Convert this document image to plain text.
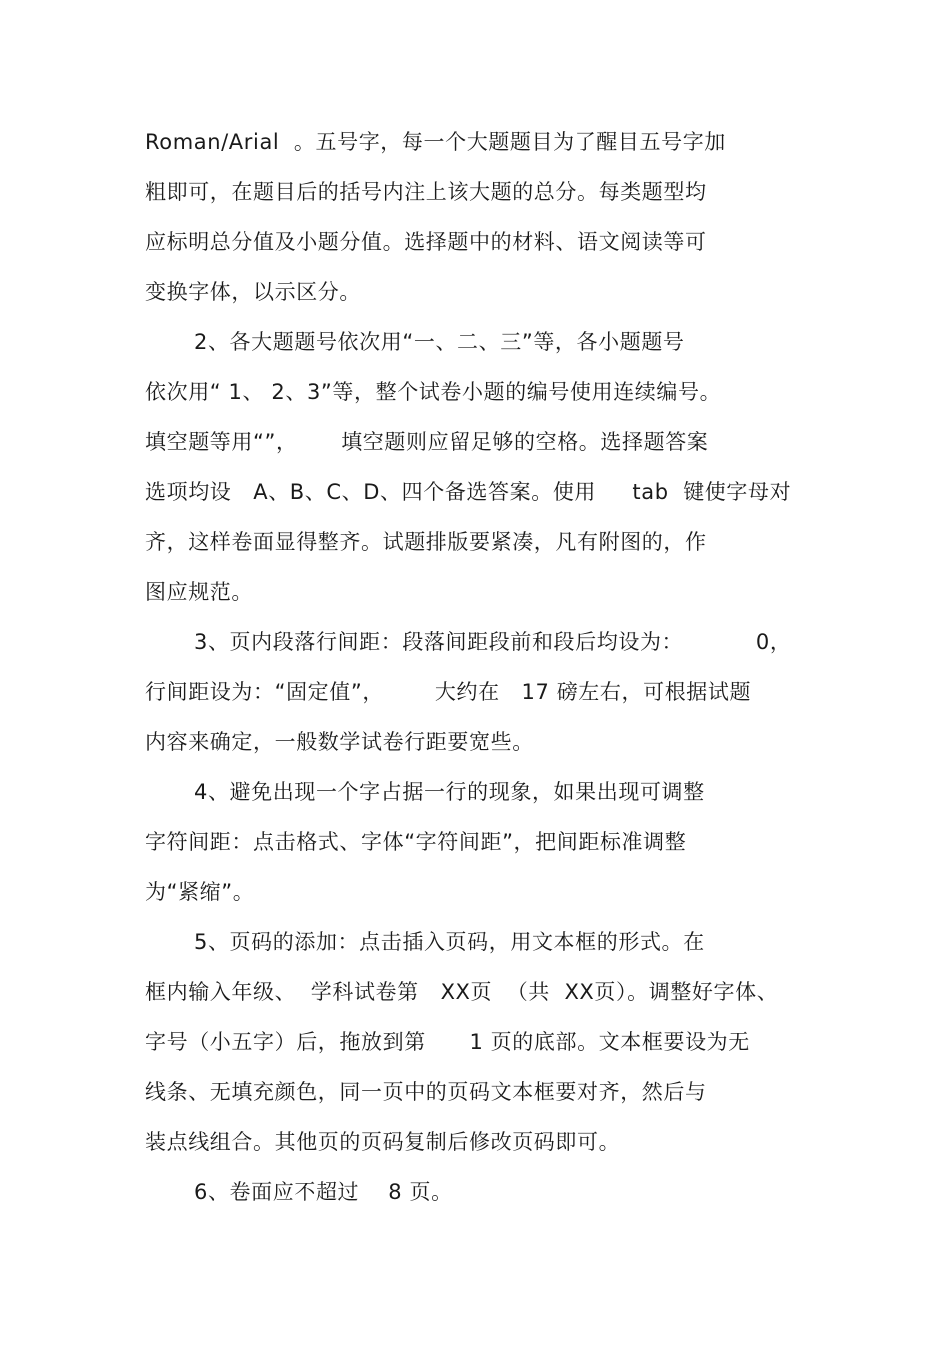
Roman/Arial  。五号字，每一个大题题目为了醒目五号字加
粗即可，在题目后的括号内注上该大题的总分。每类题型均
应标明总分值及小题分值。选择题中的材料、语文阅读等可
变换字体，以示区分。
2、各大题题号依次用“一、二、三”等，各小题题号
依次用“ 1、 2、3”等，整个试卷小题的编号使用连续编号。
填空题等用“”，      填空题则应留足够的空格。选择题答案
选项均设   A、B、C、D、四个备选答案。使用     tab  键使字母对
齐，这样卷面显得整齐。试题排版要紧凑，凡有附图的，作
图应规范。
3、页内段落行间距：段落间距段前和段后均设为：          0，
行间距设为：“固定值”，       大约在   17 磅左右，可根据试题
内容来确定，一般数学试卷行距要宽些。
4、避免出现一个字占据一行的现象，如果出现可调整
字符间距：点击格式、字体“字符间距”，把间距标准调整
为“紧缩”。
5、页码的添加：点击插入页码，用文本框的形式。在
框内输入年级、  学科试卷第   XX页  （共  XX页）。调整好字体、
字号（小五字）后，拖放到第      1 页的底部。文本框要设为无
线条、无填充颜色，同一页中的页码文本框要对齐，然后与
装点线组合。其他页的页码复制后修改页码即可。
6、卷面应不超过    8 页。
